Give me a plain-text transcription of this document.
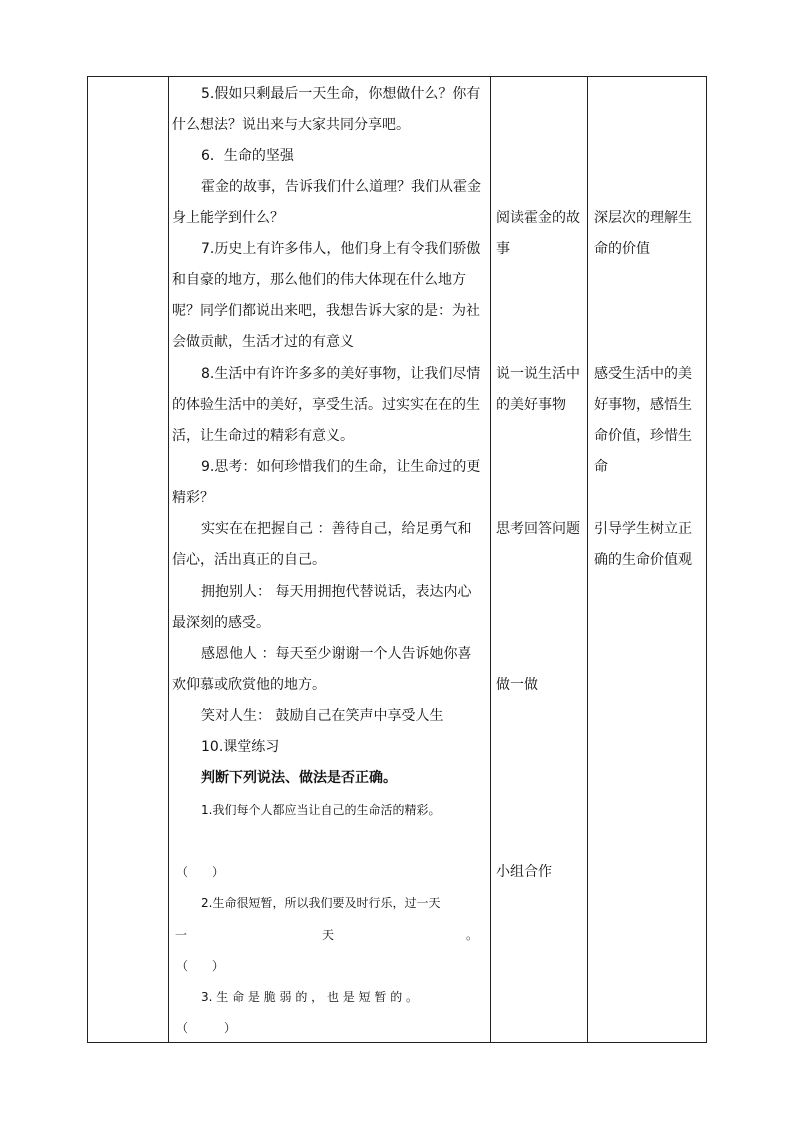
5.假如只剩最后一天生命，你想做什么？你有
什么想法？说出来与大家共同分享吧。
6．生命的坚强
霍金的故事，告诉我们什么道理？我们从霍金
身上能学到什么？
7.历史上有许多伟人，他们身上有令我们骄傲
和自豪的地方，那么他们的伟大体现在什么地方
呢？同学们都说出来吧，我想告诉大家的是：为社
会做贡献，生活才过的有意义
8.生活中有许许多多的美好事物，让我们尽情
的体验生活中的美好，享受生活。过实实在在的生
活，让生命过的精彩有意义。
9.思考：如何珍惜我们的生命，让生命过的更
精彩？
实实在在把握自己 ：善待自己，给足勇气和
信心，活出真正的自己。
拥抱别人： 每天用拥抱代替说话，表达内心
最深刻的感受。
感恩他人 ：每天至少谢谢一个人告诉她你喜
欢仰慕或欣赏他的地方。
笑对人生： 鼓励自己在笑声中享受人生
10.课堂练习
判断下列说法、做法是否正确。
1.我们每个人都应当让自己的生命活的精彩。
（　　）
2.生命很短暂，所以我们要及时行乐，过一天
一	天	。
（　　）
3. 生 命 是 脆 弱 的 ， 也 是 短 暂 的 。
（　　　）
阅读霍金的故
事
说一说生活中
的美好事物
思考回答问题
做一做
小组合作
深层次的理解生
命的价值
感受生活中的美
好事物，感悟生
命价值，珍惜生
命
引导学生树立正
确的生命价值观
